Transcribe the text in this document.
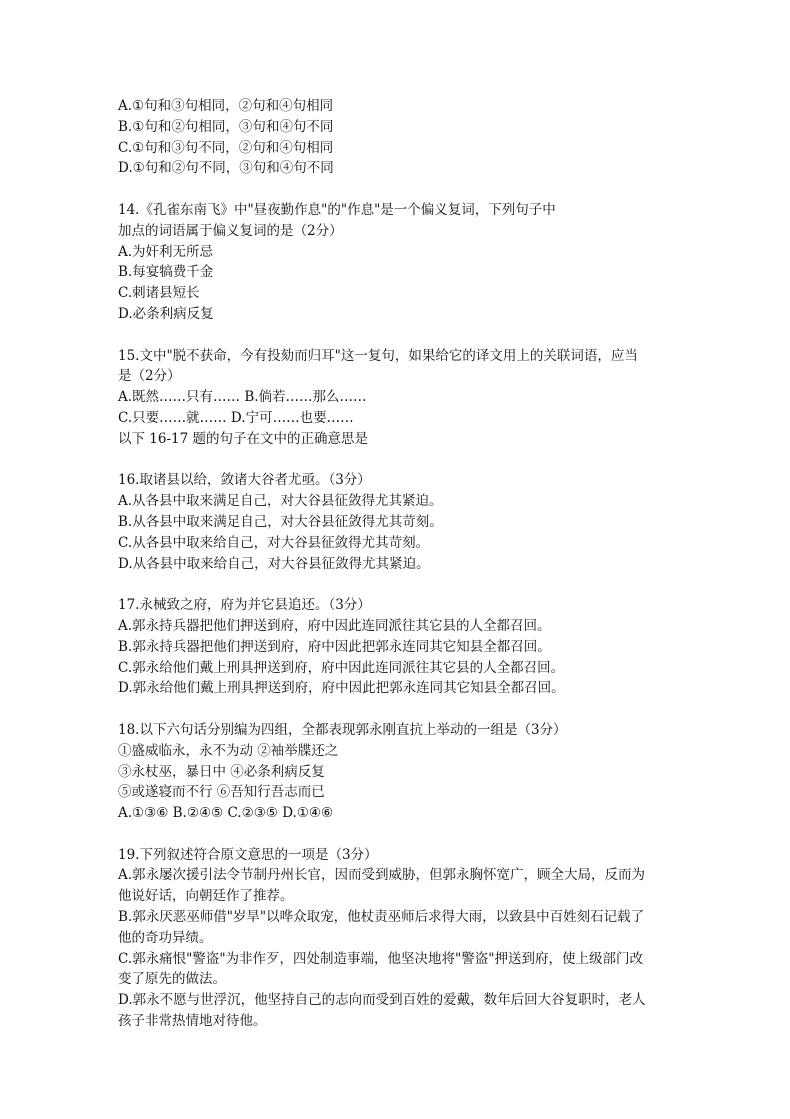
A.①句和③句相同，②句和④句相同

B.①句和②句相同，③句和④句不同

C.①句和③句不同，②句和④句相同

D.①句和②句不同，③句和④句不同

14.《孔雀东南飞》中"昼夜勤作息"的"作息"是一个偏义复词，下列句子中

加点的词语属于偏义复词的是（2分）

A.为奸利无所忌

B.每宴犒费千金

C.刺诸县短长

D.必条利病反复

15.文中"脱不获命，今有投劾而归耳"这一复句，如果给它的译文用上的关联词语，应当

是（2分）

A.既然……只有…… B.倘若……那么……

C.只要……就…… D.宁可……也要……

以下 16-17 题的句子在文中的正确意思是

16.取诸县以给，敛诸大谷者尤亟。（3分）

A.从各县中取来满足自己，对大谷县征敛得尤其紧迫。

B.从各县中取来满足自己，对大谷县征敛得尤其苛刻。

C.从各县中取来给自己，对大谷县征敛得尤其苛刻。

D.从各县中取来给自己，对大谷县征敛得尤其紧迫。

17.永械致之府，府为并它县追还。（3分）

A.郭永持兵器把他们押送到府，府中因此连同派往其它县的人全都召回。

B.郭永持兵器把他们押送到府，府中因此把郭永连同其它知县全都召回。

C.郭永给他们戴上刑具押送到府，府中因此连同派往其它县的人全都召回。

D.郭永给他们戴上刑具押送到府，府中因此把郭永连同其它知县全都召回。

18.以下六句话分别编为四组，全都表现郭永刚直抗上举动的一组是（3分）

①盛威临永，永不为动 ②袖举牒还之

③永杖巫，暴日中 ④必条利病反复

⑤或遂寝而不行 ⑥吾知行吾志而已

A.①③⑥ B.②④⑤ C.②③⑤ D.①④⑥

19.下列叙述符合原文意思的一项是（3分）

A.郭永屡次援引法令节制丹州长官，因而受到威胁，但郭永胸怀宽广，顾全大局，反而为

他说好话，向朝廷作了推荐。

B.郭永厌恶巫师借"岁旱"以哗众取宠，他杖责巫师后求得大雨，以致县中百姓刻石记载了

他的奇功异绩。

C.郭永痛恨"警盗"为非作歹，四处制造事端，他坚决地将"警盗"押送到府，使上级部门改

变了原先的做法。

D.郭永不愿与世浮沉，他坚持自己的志向而受到百姓的爱戴，数年后回大谷复职时，老人

孩子非常热情地对待他。
